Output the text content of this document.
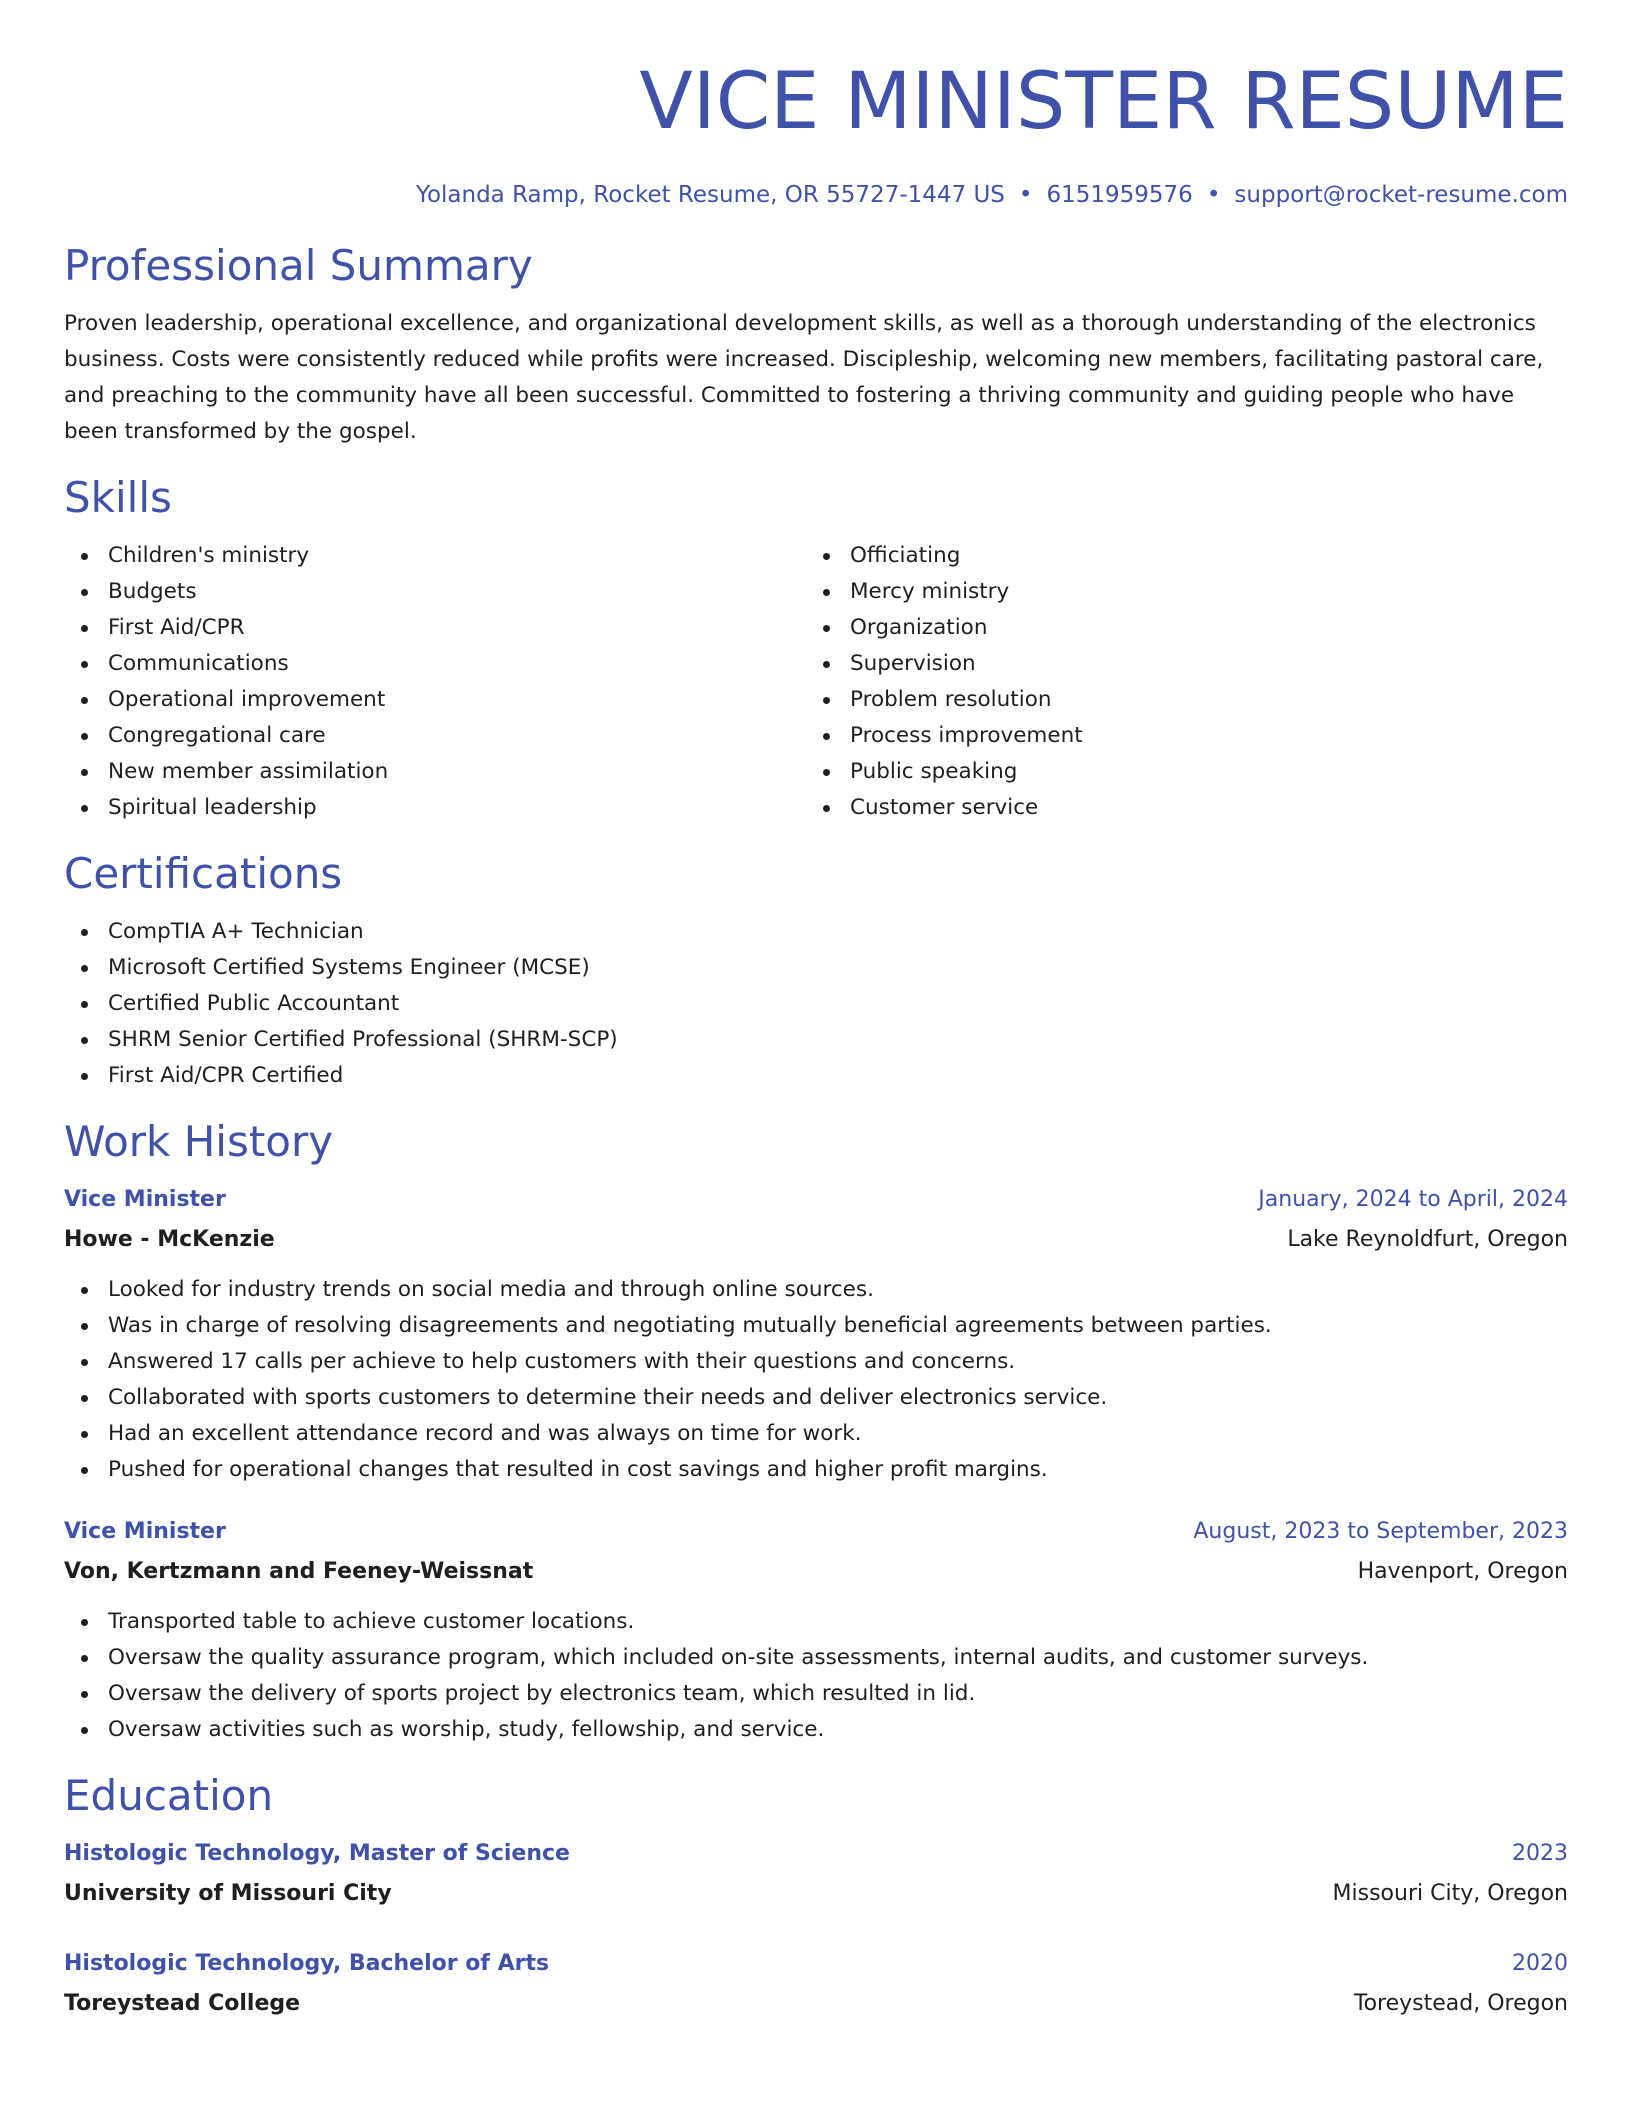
VICE MINISTER RESUME
Yolanda Ramp, Rocket Resume, OR 55727-1447 US • 6151959576 • support@rocket-resume.com
Professional Summary

Proven leadership, operational excellence, and organizational development skills, as well as a thorough understanding of the electronics business. Costs were consistently reduced while profits were increased. Discipleship, welcoming new members, facilitating pastoral care, and preaching to the community have all been successful. Committed to fostering a thriving community and guiding people who have been transformed by the gospel.

Skills
Children's ministry
Budgets
First Aid/CPR
Communications
Operational improvement
Congregational care
New member assimilation
Spiritual leadership
Officiating
Mercy ministry
Organization
Supervision
Problem resolution
Process improvement
Public speaking
Customer service
Certifications
CompTIA A+ Technician
Microsoft Certified Systems Engineer (MCSE)
Certified Public Accountant
SHRM Senior Certified Professional (SHRM-SCP)
First Aid/CPR Certified
Work History
Vice Minister	January, 2024 to April, 2024
Howe - McKenzie	Lake Reynoldfurt, Oregon
Looked for industry trends on social media and through online sources.
Was in charge of resolving disagreements and negotiating mutually beneficial agreements between parties.
Answered 17 calls per achieve to help customers with their questions and concerns.
Collaborated with sports customers to determine their needs and deliver electronics service.
Had an excellent attendance record and was always on time for work.
Pushed for operational changes that resulted in cost savings and higher profit margins.
Vice Minister	August, 2023 to September, 2023
Von, Kertzmann and Feeney-Weissnat	Havenport, Oregon
Transported table to achieve customer locations.
Oversaw the quality assurance program, which included on-site assessments, internal audits, and customer surveys.
Oversaw the delivery of sports project by electronics team, which resulted in lid.
Oversaw activities such as worship, study, fellowship, and service.
Education
Histologic Technology, Master of Science	2023
University of Missouri City	Missouri City, Oregon
Histologic Technology, Bachelor of Arts	2020
Toreystead College	Toreystead, Oregon
